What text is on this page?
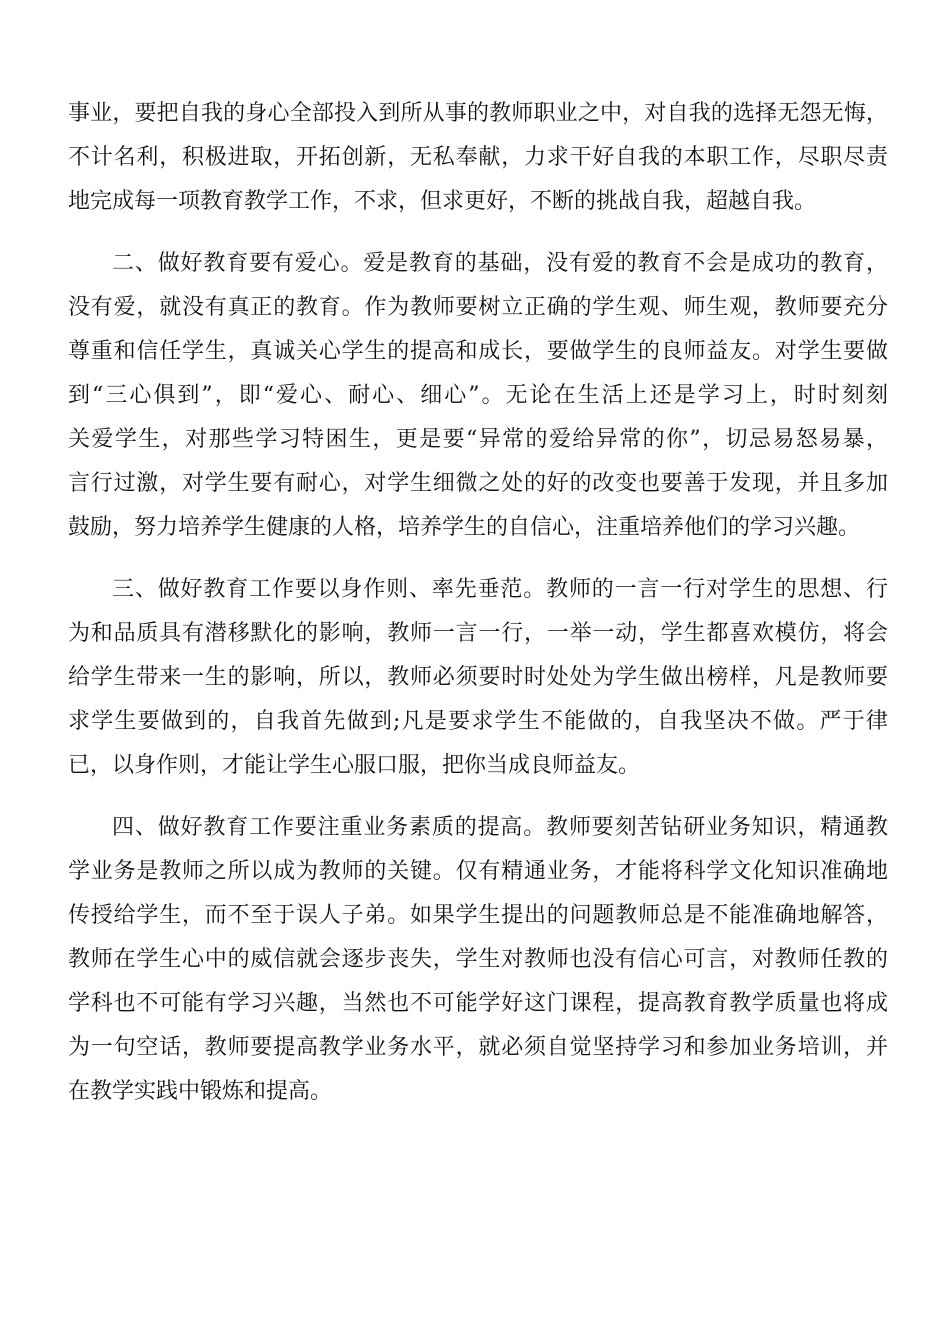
事业，要把自我的身心全部投入到所从事的教师职业之中，对自我的选择无怨无悔，
不计名利，积极进取，开拓创新，无私奉献，力求干好自我的本职工作，尽职尽责
地完成每一项教育教学工作，不求，但求更好，不断的挑战自我，超越自我。
二、做好教育要有爱心。爱是教育的基础，没有爱的教育不会是成功的教育，
没有爱，就没有真正的教育。作为教师要树立正确的学生观、师生观，教师要充分
尊重和信任学生，真诚关心学生的提高和成长，要做学生的良师益友。对学生要做
到“三心俱到”，即“爱心、耐心、细心”。无论在生活上还是学习上，时时刻刻
关爱学生，对那些学习特困生，更是要“异常的爱给异常的你”，切忌易怒易暴，
言行过激，对学生要有耐心，对学生细微之处的好的改变也要善于发现，并且多加
鼓励，努力培养学生健康的人格，培养学生的自信心，注重培养他们的学习兴趣。
三、做好教育工作要以身作则、率先垂范。教师的一言一行对学生的思想、行
为和品质具有潜移默化的影响，教师一言一行，一举一动，学生都喜欢模仿，将会
给学生带来一生的影响，所以，教师必须要时时处处为学生做出榜样，凡是教师要
求学生要做到的，自我首先做到;凡是要求学生不能做的，自我坚决不做。严于律
已，以身作则，才能让学生心服口服，把你当成良师益友。
四、做好教育工作要注重业务素质的提高。教师要刻苦钻研业务知识，精通教
学业务是教师之所以成为教师的关键。仅有精通业务，才能将科学文化知识准确地
传授给学生，而不至于误人子弟。如果学生提出的问题教师总是不能准确地解答，
教师在学生心中的威信就会逐步丧失，学生对教师也没有信心可言，对教师任教的
学科也不可能有学习兴趣，当然也不可能学好这门课程，提高教育教学质量也将成
为一句空话，教师要提高教学业务水平，就必须自觉坚持学习和参加业务培训，并
在教学实践中锻炼和提高。
